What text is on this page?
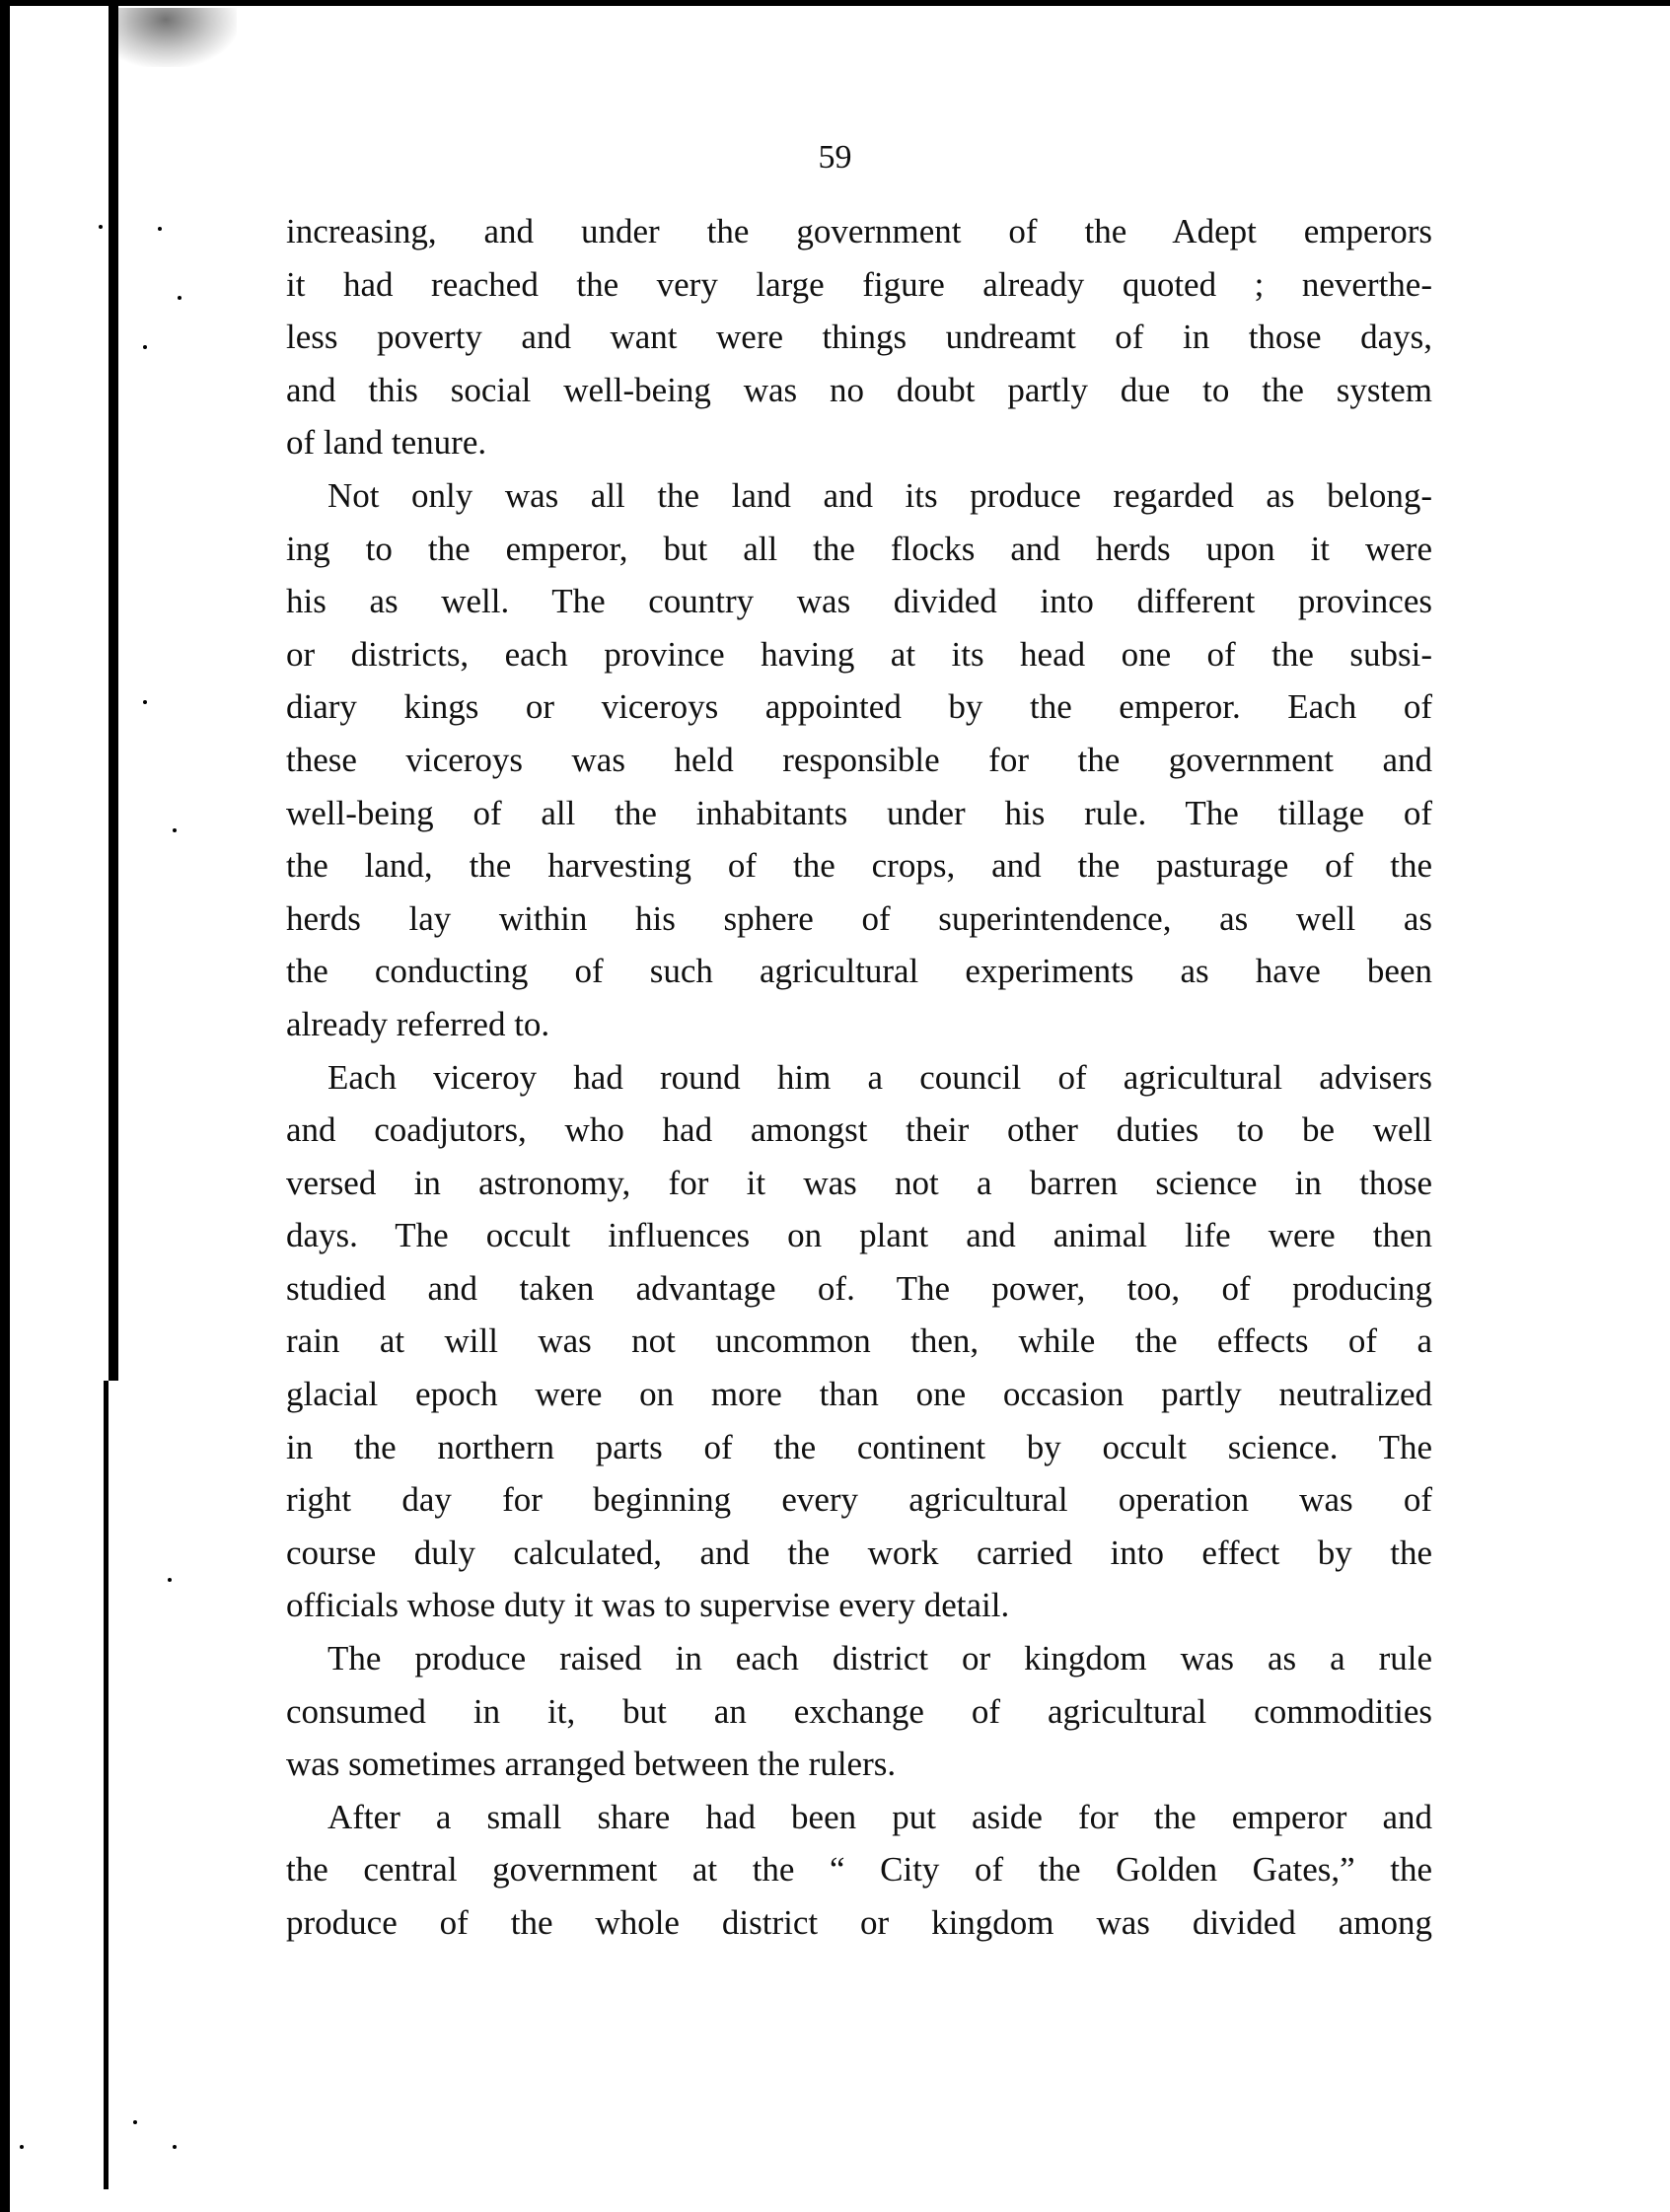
59
increasing, and under the government of the Adept emperors
it had reached the very large figure already quoted ; neverthe-
less poverty and want were things undreamt of in those days,
and this social well-being was no doubt partly due to the system
of land tenure.
Not only was all the land and its produce regarded as belong-
ing to the emperor, but all the flocks and herds upon it were
his as well. The country was divided into different provinces
or districts, each province having at its head one of the subsi-
diary kings or viceroys appointed by the emperor. Each of
these viceroys was held responsible for the government and
well-being of all the inhabitants under his rule. The tillage of
the land, the harvesting of the crops, and the pasturage of the
herds lay within his sphere of superintendence, as well as
the conducting of such agricultural experiments as have been
already referred to.
Each viceroy had round him a council of agricultural advisers
and coadjutors, who had amongst their other duties to be well
versed in astronomy, for it was not a barren science in those
days. The occult influences on plant and animal life were then
studied and taken advantage of. The power, too, of producing
rain at will was not uncommon then, while the effects of a
glacial epoch were on more than one occasion partly neutralized
in the northern parts of the continent by occult science. The
right day for beginning every agricultural operation was of
course duly calculated, and the work carried into effect by the
officials whose duty it was to supervise every detail.
The produce raised in each district or kingdom was as a rule
consumed in it, but an exchange of agricultural commodities
was sometimes arranged between the rulers.
After a small share had been put aside for the emperor and
the central government at the “ City of the Golden Gates,” the
produce of the whole district or kingdom was divided among
